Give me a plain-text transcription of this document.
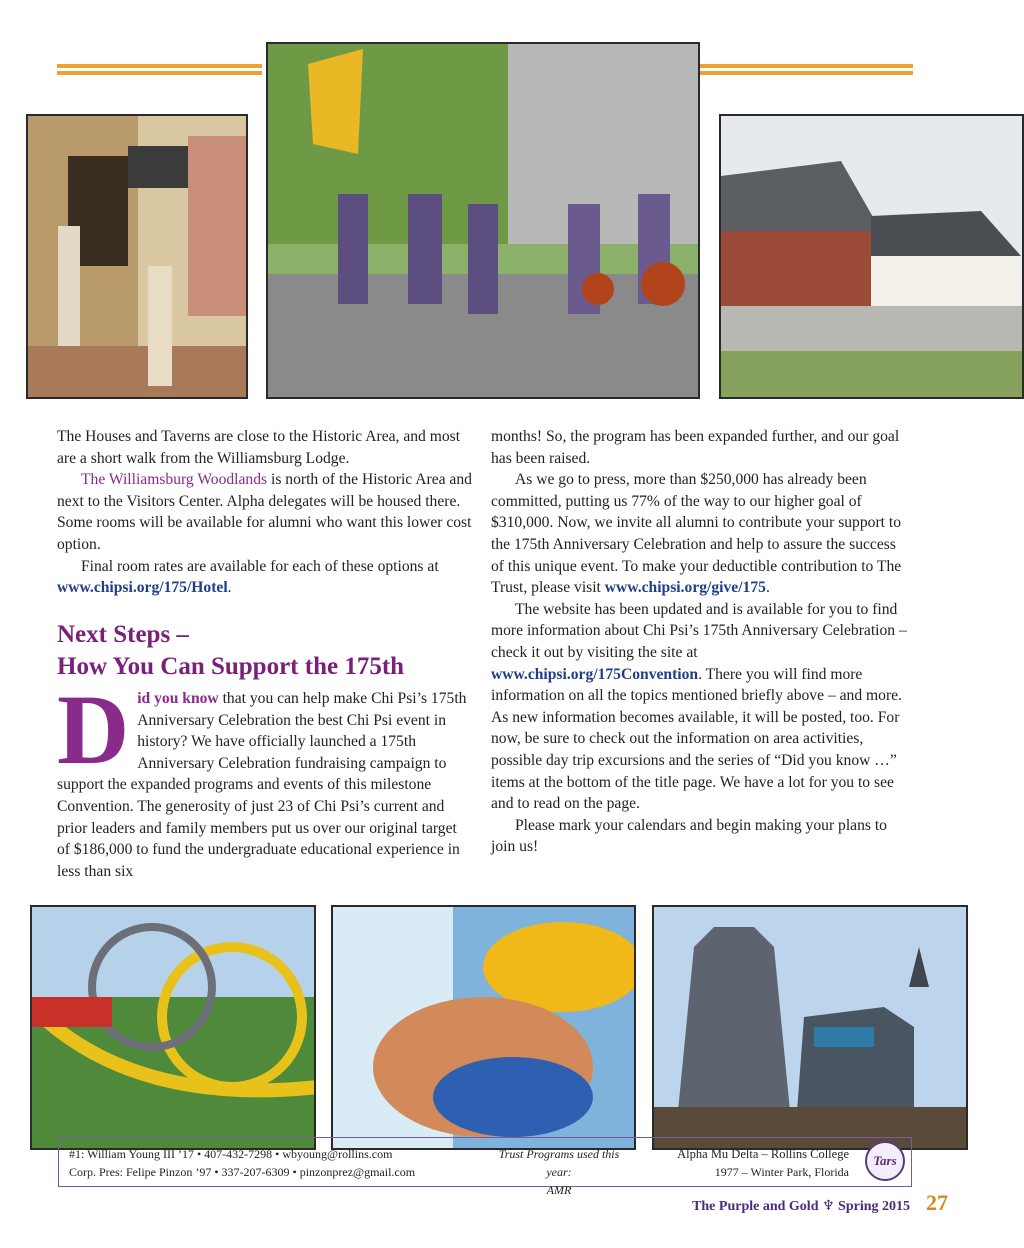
The Houses and Taverns are close to the Historic Area, and most are a short walk from the Williamsburg Lodge.

The Williamsburg Woodlands is north of the Historic Area and next to the Visitors Center. Alpha delegates will be housed there. Some rooms will be available for alumni who want this lower cost option.

Final room rates are available for each of these options at www.chipsi.org/175/Hotel.

Next Steps –
How You Can Support the 175th
Did you know that you can help make Chi Psi’s 175th Anniversary Celebration the best Chi Psi event in history? We have officially launched a 175th Anniversary Celebration fundraising campaign to support the expanded programs and events of this milestone Convention. The generosity of just 23 of Chi Psi’s current and prior leaders and family members put us over our original target of $186,000 to fund the undergraduate educational experience in less than six

months! So, the program has been expanded further, and our goal has been raised.

As we go to press, more than $250,000 has already been committed, putting us 77% of the way to our higher goal of $310,000. Now, we invite all alumni to contribute your support to the 175th Anniversary Celebration and help to assure the success of this unique event. To make your deductible contribution to The Trust, please visit www.chipsi.org/give/175.

The website has been updated and is available for you to find more information about Chi Psi’s 175th Anniversary Celebration – check it out by visiting the site at www.chipsi.org/175Convention. There you will find more information on all the topics mentioned briefly above – and more. As new information becomes available, it will be posted, too. For now, be sure to check out the information on area activities, possible day trip excursions and the series of “Did you know …” items at the bottom of the title page. We have a lot for you to see and to read on the page.

Please mark your calendars and begin making your plans to join us!

#1: William Young III ’17 • 407-432-7298 • wbyoung@rollins.com
Corp. Pres: Felipe Pinzon ’97 • 337-207-6309 • pinzonprez@gmail.com
Trust Programs used this year:
AMR
Alpha Mu Delta – Rollins College
1977 – Winter Park, Florida
Tars
The Purple and Gold ♆ Spring 2015 27
